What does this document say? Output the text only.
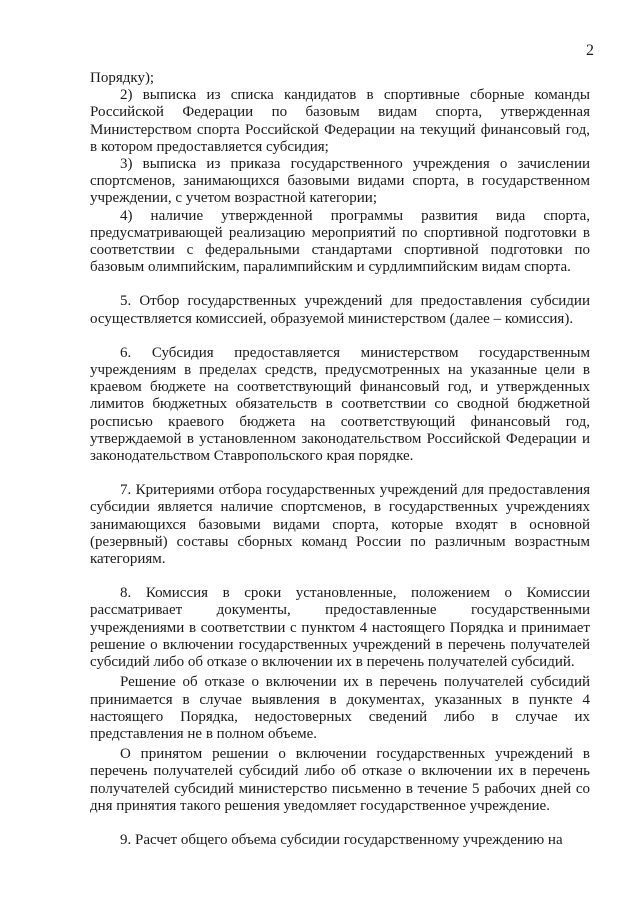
2

Порядку);

2) выписка из списка кандидатов в спортивные сборные команды Российской Федерации по базовым видам спорта, утвержденная Министерством спорта Российской Федерации на текущий финансовый год, в котором предоставляется субсидия;

3) выписка из приказа государственного учреждения о зачислении спортсменов, занимающихся базовыми видами спорта, в государственном учреждении, с учетом возрастной категории;

4) наличие утвержденной программы развития вида спорта, предусматривающей реализацию мероприятий по спортивной подготовки в соответствии с федеральными стандартами спортивной подготовки по базовым олимпийским, паралимпийским и сурдлимпийским видам спорта.

5. Отбор государственных учреждений для предоставления субсидии осуществляется комиссией, образуемой министерством (далее – комиссия).

6. Субсидия предоставляется министерством государственным учреждениям в пределах средств, предусмотренных на указанные цели в краевом бюджете на соответствующий финансовый год, и утвержденных лимитов бюджетных обязательств в соответствии со сводной бюджетной росписью краевого бюджета на соответствующий финансовый год, утверждаемой в установленном законодательством Российской Федерации и законодательством Ставропольского края порядке.

7. Критериями отбора государственных учреждений для предоставления субсидии является наличие спортсменов, в государственных учреждениях занимающихся базовыми видами спорта, которые входят в основной (резервный) составы сборных команд России по различным возрастным категориям.

8. Комиссия в сроки установленные, положением о Комиссии рассматривает документы, предоставленные государственными учреждениями в соответствии с пунктом 4 настоящего Порядка и принимает решение о включении государственных учреждений в перечень получателей субсидий либо об отказе о включении их в перечень получателей субсидий.

Решение об отказе о включении их в перечень получателей субсидий принимается в случае выявления в документах, указанных в пункте 4 настоящего Порядка, недостоверных сведений либо в случае их представления не в полном объеме.

О принятом решении о включении государственных учреждений в перечень получателей субсидий либо об отказе о включении их в перечень получателей субсидий министерство письменно в течение 5 рабочих дней со дня принятия такого решения уведомляет государственное учреждение.

9. Расчет общего объема субсидии государственному учреждению на
